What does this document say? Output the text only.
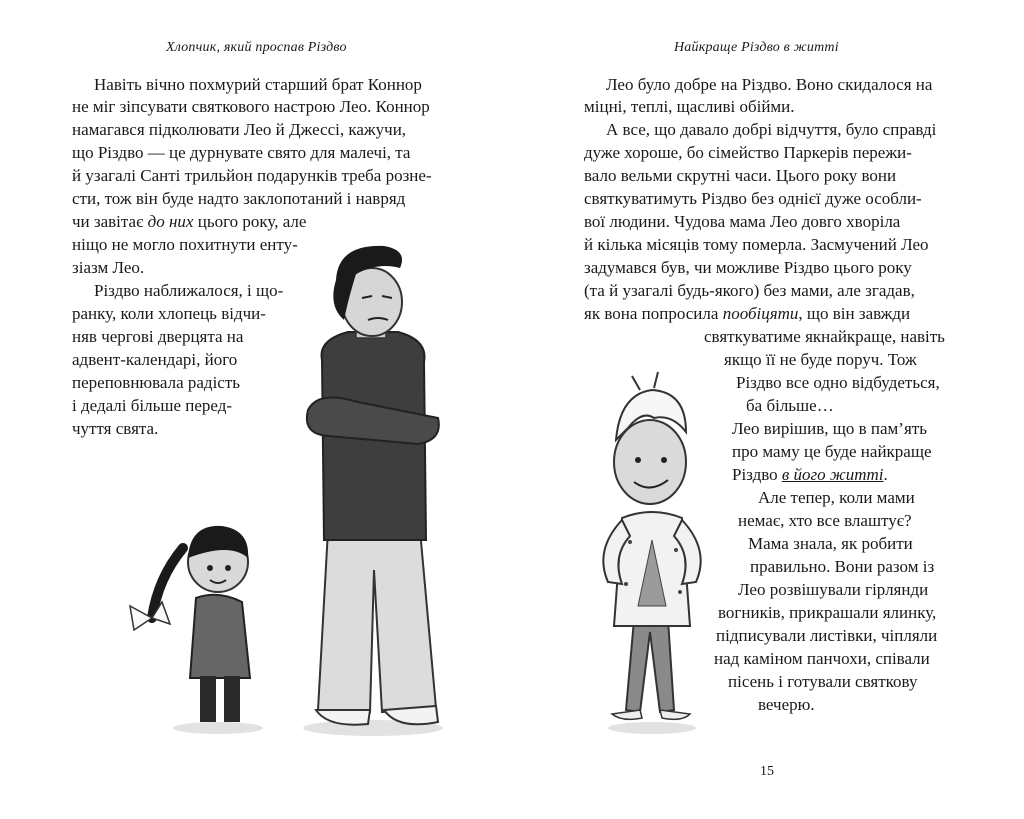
Хлопчик, який проспав Різдво
Навіть вічно похмурий старший брат Коннор
не міг зіпсувати святкового настрою Лео. Коннор
намагався підколювати Лео й Джессі, кажучи,
що Різдво — це дурнувате свято для малечі, та
й узагалі Санті трильйон подарунків треба розне-
сти, тож він буде надто заклопотаний і навряд
чи завітає до них цього року, але
ніщо не могло похитнути енту-
зіазм Лео.
Різдво наближалося, і що-
ранку, коли хлопець відчи-
няв чергові дверцята на
адвент-календарі, його
переповнювала радість
і дедалі більше перед-
чуття свята.
Найкраще Різдво в житті
Лео було добре на Різдво. Воно скидалося на
міцні, теплі, щасливі обійми.
А все, що давало добрі відчуття, було справді
дуже хороше, бо сімейство Паркерів пережи-
вало вельми скрутні часи. Цього року вони
святкуватимуть Різдво без однієї дуже особли-
вої людини. Чудова мама Лео довго хворіла
й кілька місяців тому померла. Засмучений Лео
задумався був, чи можливе Різдво цього року
(та й узагалі будь-якого) без мами, але згадав,
як вона попросила пообіцяти, що він завжди
святкуватиме якнайкраще, навіть
якщо її не буде поруч. Тож
Різдво все одно відбудеться,
ба більше…
Лео вирішив, що в пам’ять
про маму це буде найкраще
Різдво в його житті.
Але тепер, коли мами
немає, хто все влаштує?
Мама знала, як робити
правильно. Вони разом із
Лео розвішували гірлянди
вогників, прикрашали ялинку,
підписували листівки, чіпляли
над каміном панчохи, співали
пісень і готували святкову
вечерю.
15
